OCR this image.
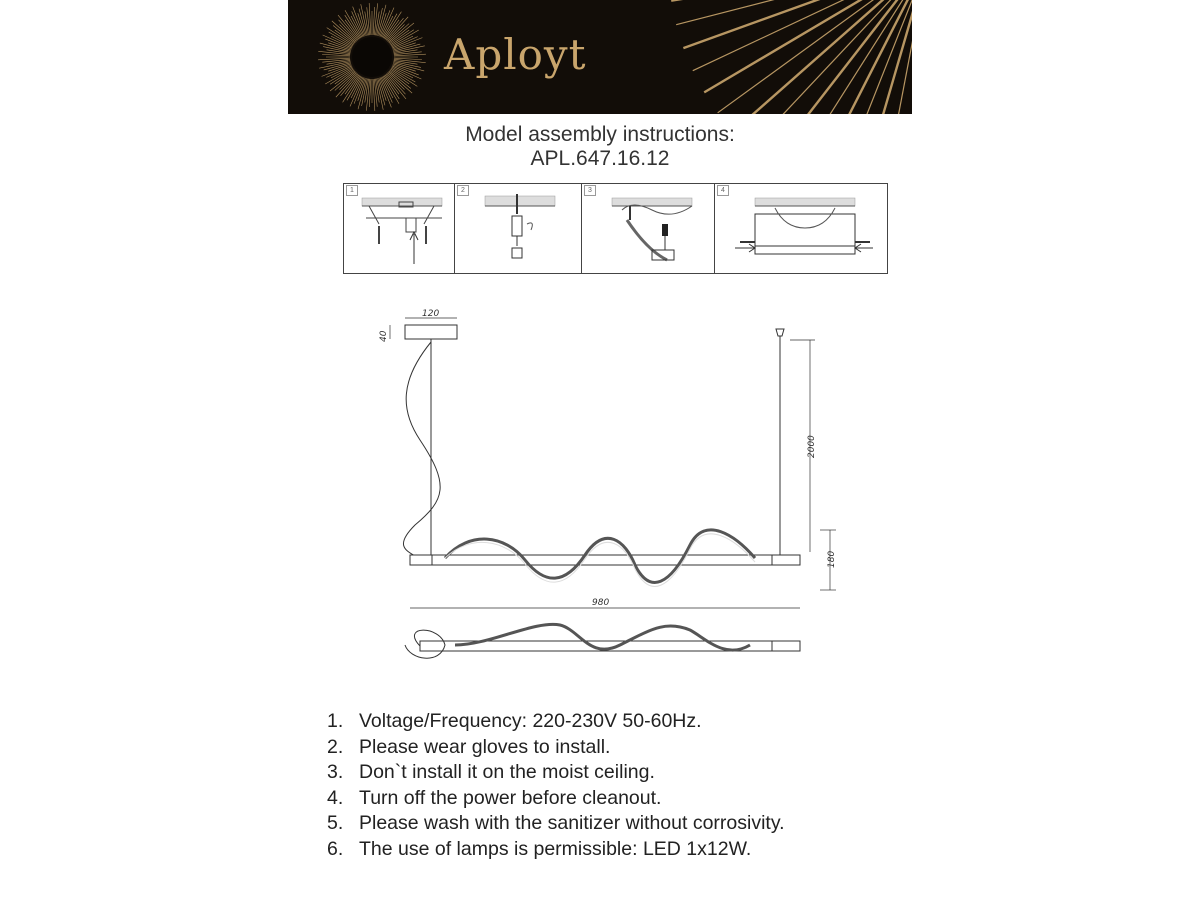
Aployt
Model assembly instructions:
APL.647.16.12
1	2	3	4
120
40
2000
180
980
1. Voltage/Frequency: 220-230V 50-60Hz.
2. Please wear gloves to install.
3. Don`t install it on the moist ceiling.
4. Turn off the power before cleanout.
5. Please wash with the sanitizer without corrosivity.
6. The use of lamps is permissible: LED 1x12W.
